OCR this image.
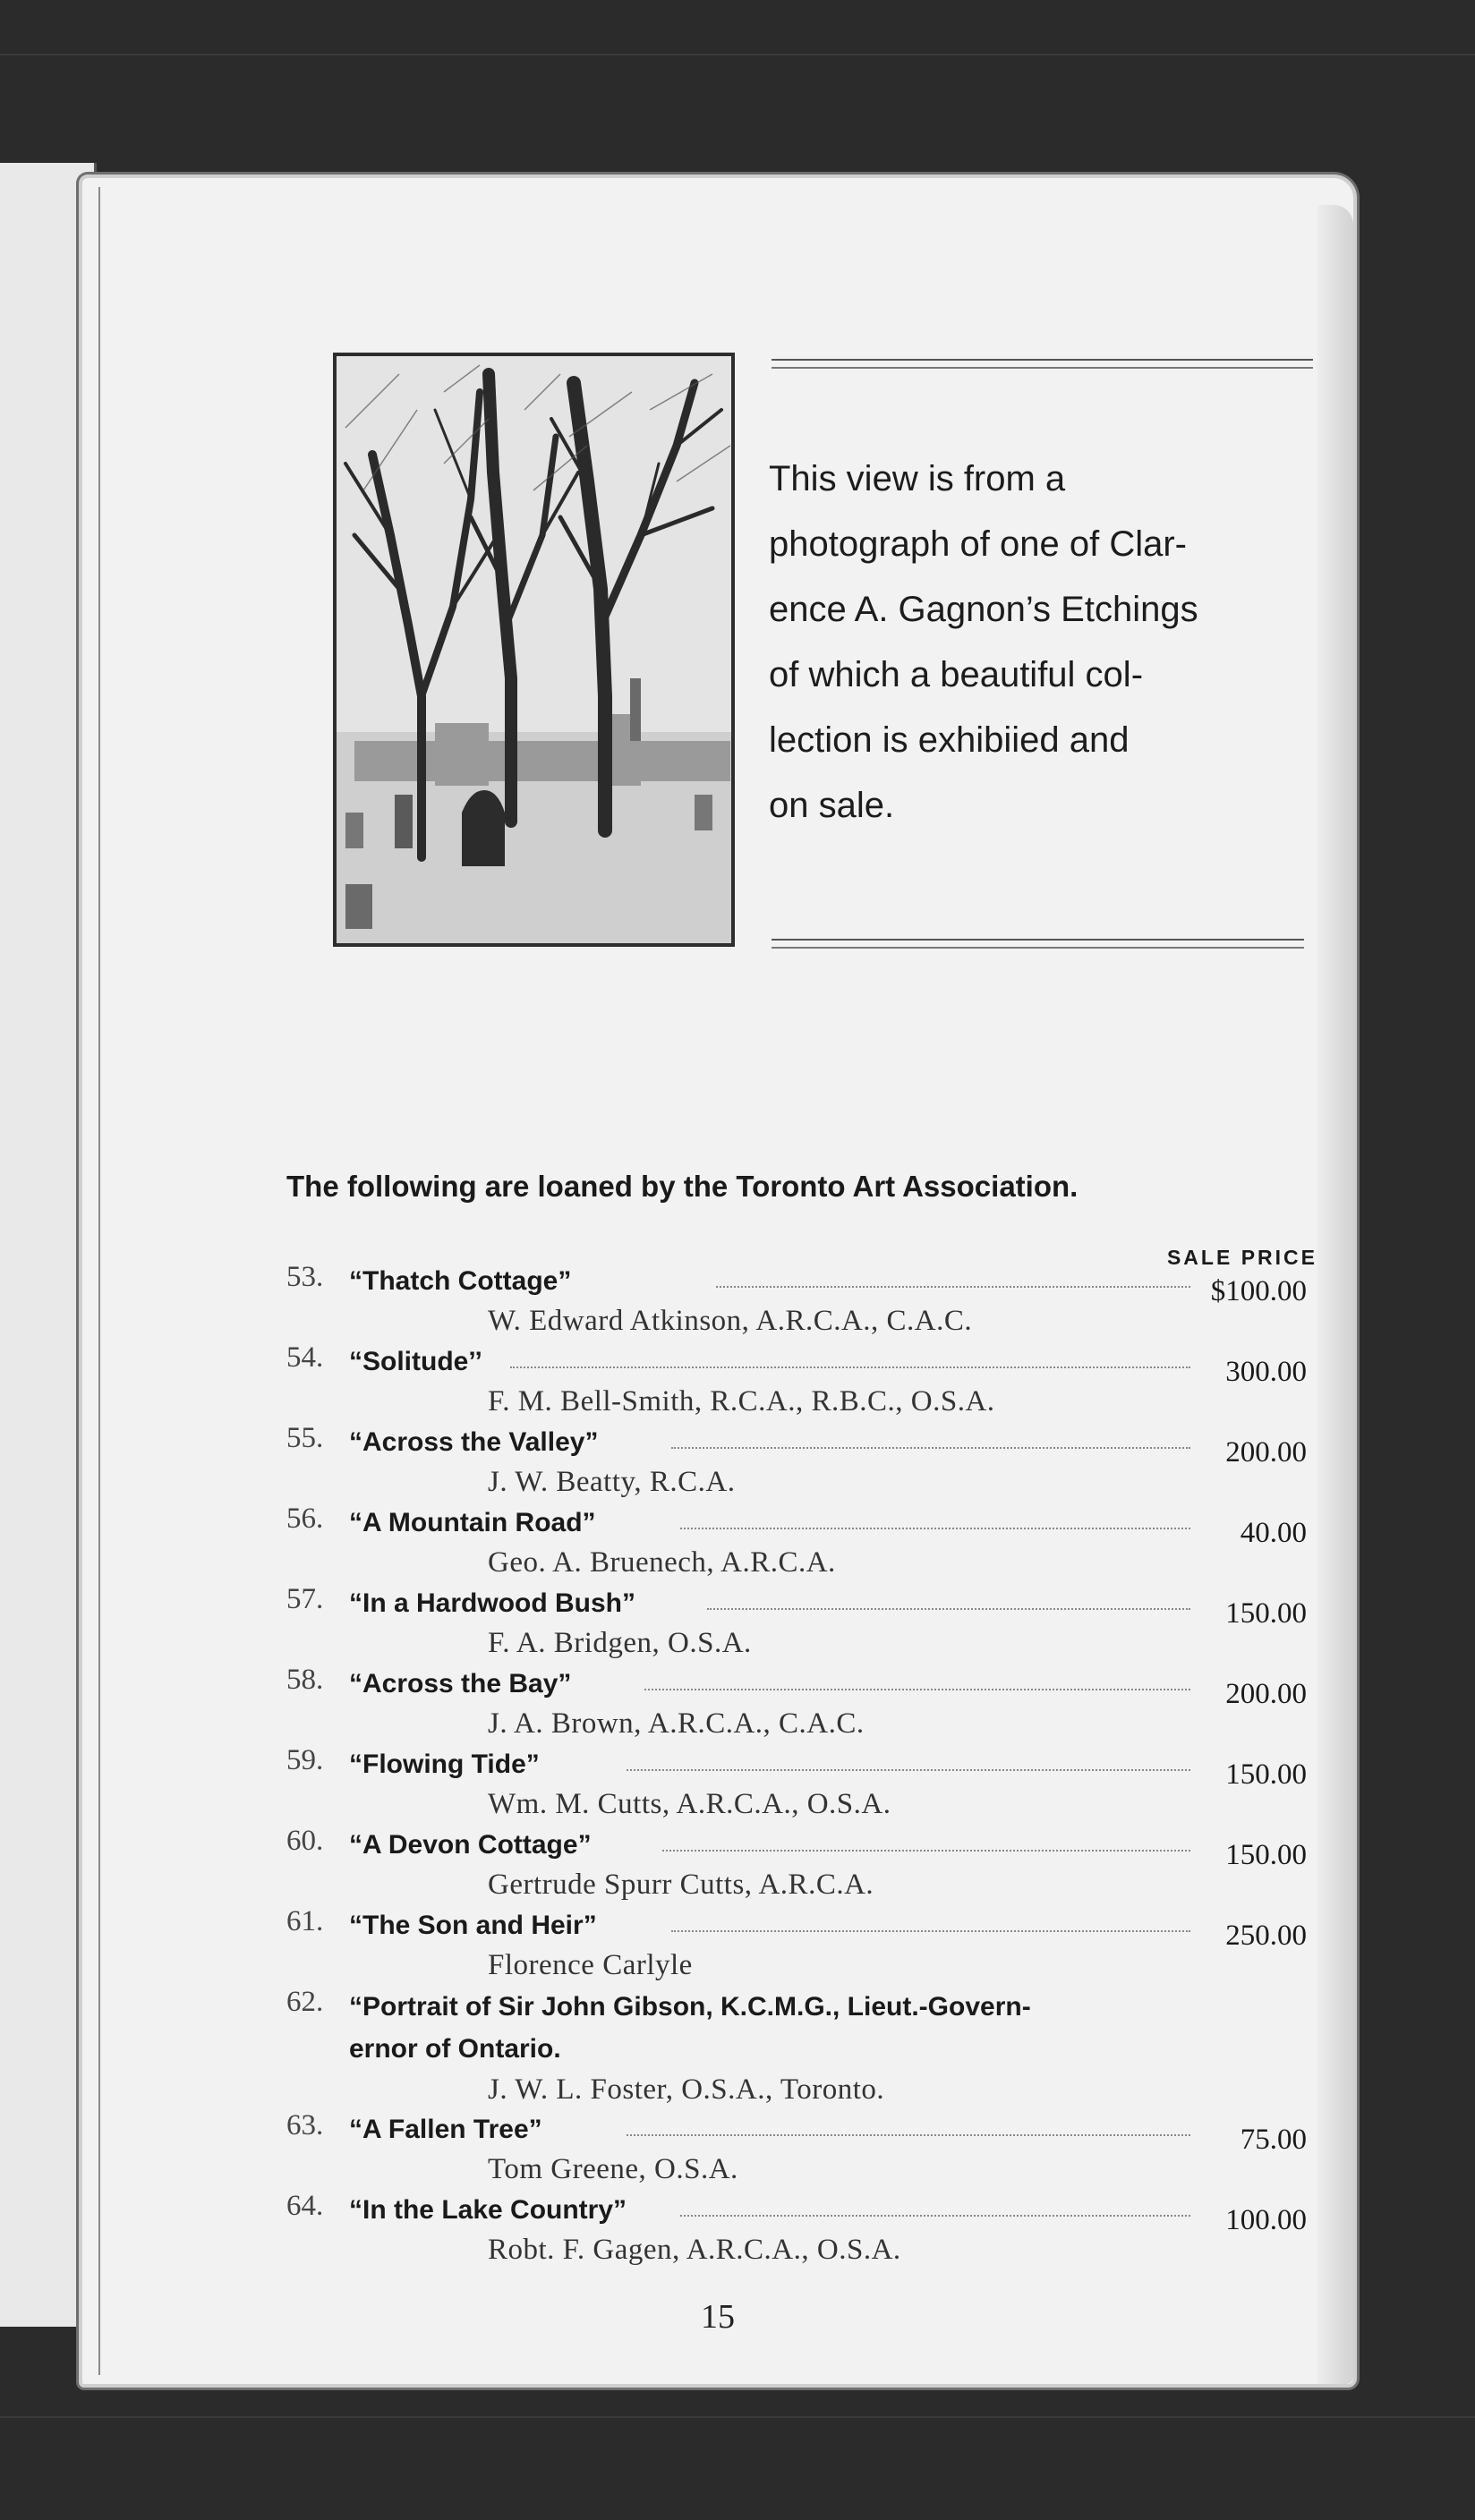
This view is from a
photograph of one of Clar-
ence A. Gagnon’s Etchings
of which a beautiful col-
lection is exhibiied and
on sale.
The following are loaned by the Toronto Art Association.
SALE PRICE
53. “Thatch Cottage”	$100.00
W. Edward Atkinson, A.R.C.A., C.A.C.
54. “Solitude’’	300.00
F. M. Bell-Smith, R.C.A., R.B.C., O.S.A.
55. “Across the Valley”	200.00
J. W. Beatty, R.C.A.
56. “A Mountain Road”	40.00
Geo. A. Bruenech, A.R.C.A.
57. “In a Hardwood Bush”	150.00
F. A. Bridgen, O.S.A.
58. “Across the Bay”	200.00
J. A. Brown, A.R.C.A., C.A.C.
59. “Flowing Tide”	150.00
Wm. M. Cutts, A.R.C.A., O.S.A.
60. “A Devon Cottage”	150.00
Gertrude Spurr Cutts, A.R.C.A.
61. “The Son and Heir”	250.00
Florence Carlyle
62. “Portrait of Sir John Gibson, K.C.M.G., Lieut.-Govern-
ernor of Ontario.
J. W. L. Foster, O.S.A., Toronto.
63. “A Fallen Tree”	75.00
Tom Greene, O.S.A.
64. “In the Lake Country”	100.00
Robt. F. Gagen, A.R.C.A., O.S.A.
15
